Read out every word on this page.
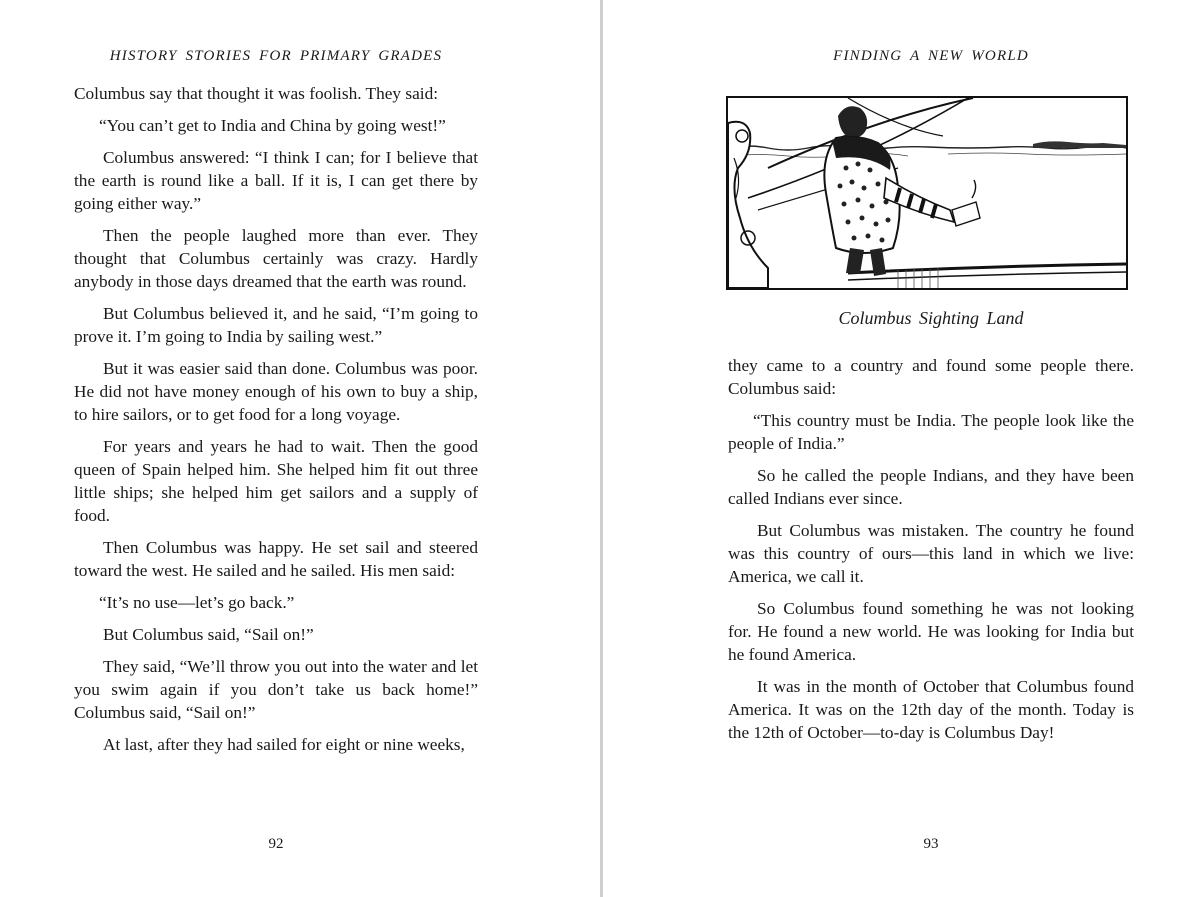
HISTORY STORIES FOR PRIMARY GRADES

Columbus say that thought it was foolish. They said:

“You can’t get to India and China by going west!”

Columbus answered: “I think I can; for I believe that the earth is round like a ball. If it is, I can get there by going either way.”

Then the people laughed more than ever. They thought that Columbus certainly was crazy. Hardly anybody in those days dreamed that the earth was round.

But Columbus believed it, and he said, “I’m going to prove it. I’m going to India by sailing west.”

But it was easier said than done. Columbus was poor. He did not have money enough of his own to buy a ship, to hire sailors, or to get food for a long voyage.

For years and years he had to wait. Then the good queen of Spain helped him. She helped him fit out three little ships; she helped him get sailors and a supply of food.

Then Columbus was happy. He set sail and steered toward the west. He sailed and he sailed. His men said:

“It’s no use—let’s go back.”

But Columbus said, “Sail on!”

They said, “We’ll throw you out into the water and let you swim again if you don’t take us back home!” Columbus said, “Sail on!”

At last, after they had sailed for eight or nine weeks,

92
FINDING A NEW WORLD
Columbus Sighting Land

they came to a country and found some people there. Columbus said:

“This country must be India. The people look like the people of India.”

So he called the people Indians, and they have been called Indians ever since.

But Columbus was mistaken. The country he found was this country of ours—this land in which we live: America, we call it.

So Columbus found something he was not looking for. He found a new world. He was looking for India but he found America.

It was in the month of October that Columbus found America. It was on the 12th day of the month. Today is the 12th of October—to-day is Columbus Day!

93
